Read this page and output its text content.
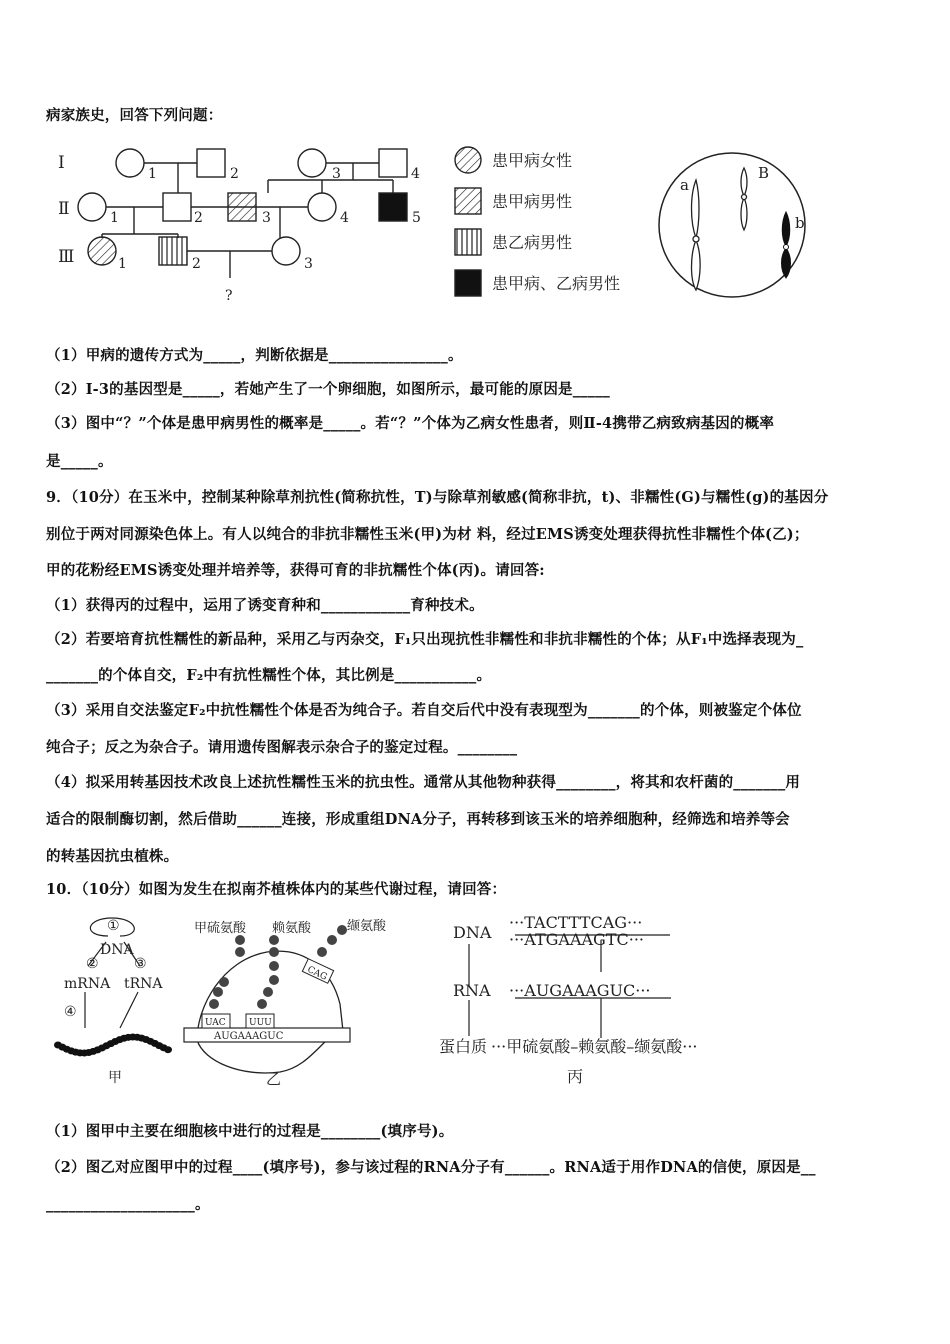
病家族史，回答下列问题：
Ⅰ
Ⅱ
Ⅲ
1	2	3	4
1	2	3	4	5
1	2	3
?
患甲病女性
患甲病男性
患乙病男性
患甲病、乙病男性
a
B
b
（1）甲病的遗传方式为_____，判断依据是________________。
（2）Ⅰ-3的基因型是_____，若她产生了一个卵细胞，如图所示，最可能的原因是_____
（3）图中“？”个体是患甲病男性的概率是_____。若“？”个体为乙病女性患者，则Ⅱ-4携带乙病致病基因的概率
是_____。
9．（10分）在玉米中，控制某种除草剂抗性(简称抗性，T)与除草剂敏感(简称非抗，t)、非糯性(G)与糯性(g)的基因分
别位于两对同源染色体上。有人以纯合的非抗非糯性玉米(甲)为材 料，经过EMS诱变处理获得抗性非糯性个体(乙)；
甲的花粉经EMS诱变处理并培养等，获得可育的非抗糯性个体(丙)。请回答:
（1）获得丙的过程中，运用了诱变育种和____________育种技术。
（2）若要培育抗性糯性的新品种，采用乙与丙杂交，F₁只出现抗性非糯性和非抗非糯性的个体；从F₁中选择表现为_
_______的个体自交，F₂中有抗性糯性个体，其比例是___________。
（3）采用自交法鉴定F₂中抗性糯性个体是否为纯合子。若自交后代中没有表现型为_______的个体，则被鉴定个体位
纯合子；反之为杂合子。请用遗传图解表示杂合子的鉴定过程。________
（4）拟采用转基因技术改良上述抗性糯性玉米的抗虫性。通常从其他物种获得________，将其和农杆菌的_______用
适合的限制酶切割，然后借助______连接，形成重组DNA分子，再转移到该玉米的培养细胞种，经筛选和培养等会
的转基因抗虫植株。
10．（10分）如图为发生在拟南芥植株体内的某些代谢过程，请回答：
①
DNA
②	③
mRNA tRNA
④
甲
甲硫氨酸 赖氨酸	缬氨酸
CAG
UAC	UUU
AUGAAAGUC
乙
DNA
RNA
蛋白质
···TACTTTCAG···
···ATGAAAGTC···
···AUGAAAGUC···
···甲硫氨酸–赖氨酸–缬氨酸···
丙
（1）图甲中主要在细胞核中进行的过程是________(填序号)。
（2）图乙对应图甲中的过程____(填序号)，参与该过程的RNA分子有______。RNA适于用作DNA的信使，原因是__
____________________。
